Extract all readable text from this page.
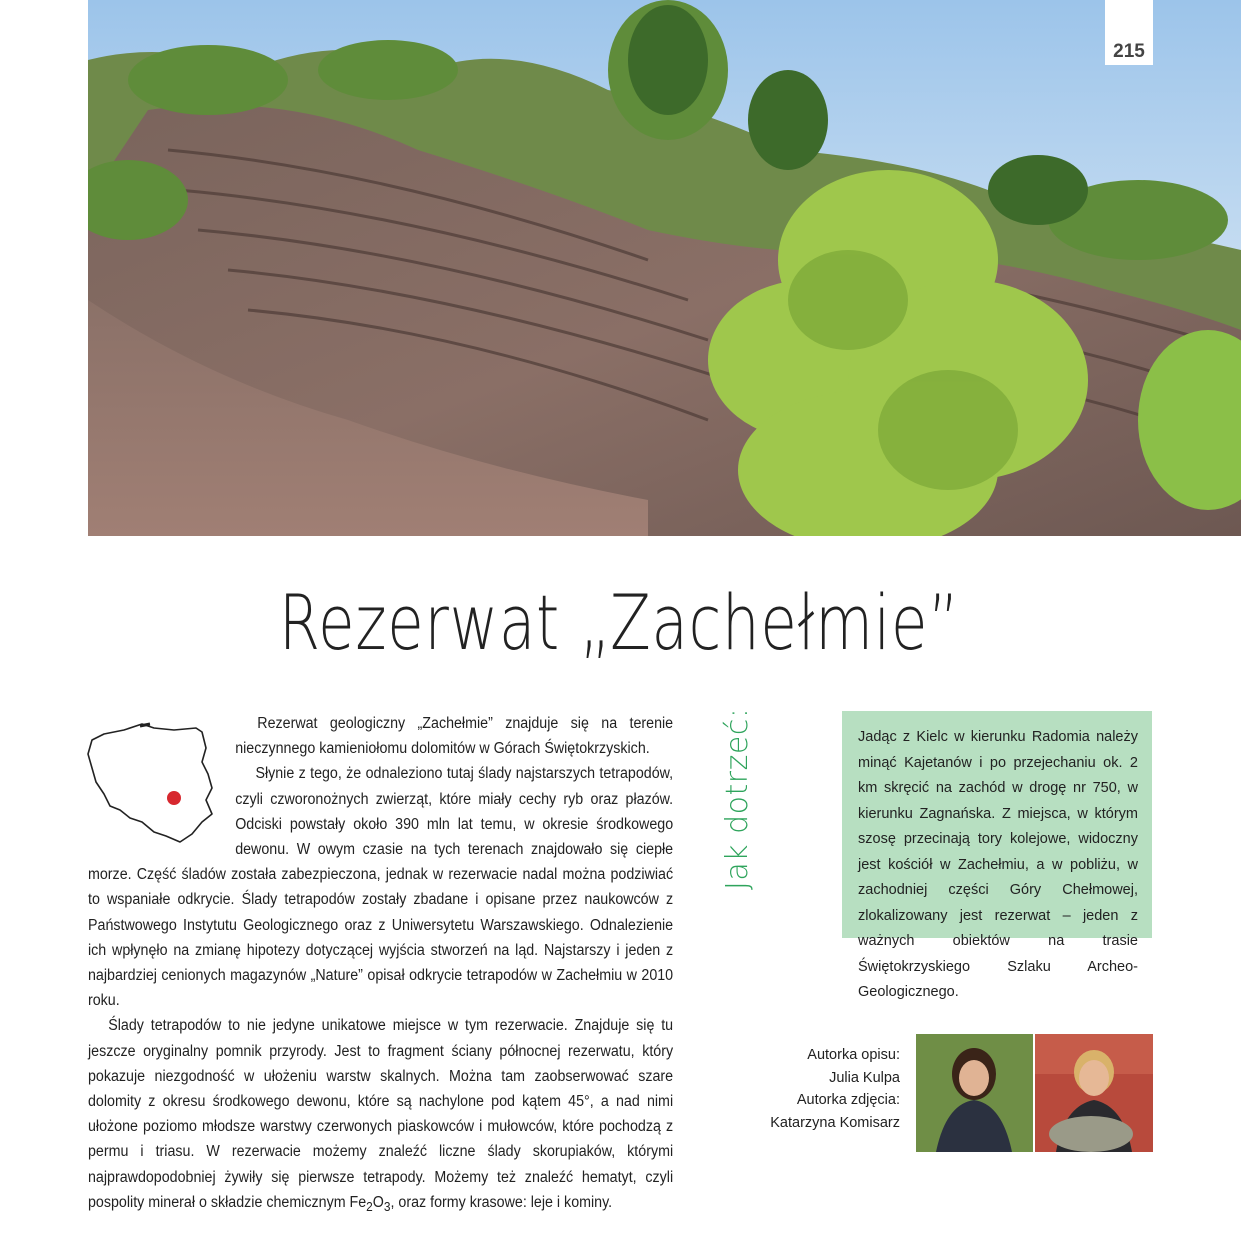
215
Rezerwat „Zachełmie”

Rezerwat geologiczny „Zachełmie” znajduje się na terenie nieczynnego kamieniołomu dolomitów w Górach Świętokrzyskich.

Słynie z tego, że odnaleziono tutaj ślady najstarszych tetrapodów, czyli czworonożnych zwierząt, które miały cechy ryb oraz płazów. Odciski powstały około 390 mln lat temu, w okresie środkowego dewonu. W owym czasie na tych terenach znajdowało się ciepłe morze. Część śladów została zabezpieczona, jednak w rezerwacie nadal można podziwiać to wspaniałe odkrycie. Ślady tetrapodów zostały zbadane i opisane przez naukowców z Państwowego Instytutu Geologicznego oraz z Uniwersytetu Warszawskiego. Odnalezienie ich wpłynęło na zmianę hipotezy dotyczącej wyjścia stworzeń na ląd. Najstarszy i jeden z najbardziej cenionych magazynów „Nature” opisał odkrycie tetrapodów w Zachełmiu w 2010 roku.

Ślady tetrapodów to nie jedyne unikatowe miejsce w tym rezerwacie. Znajduje się tu jeszcze oryginalny pomnik przyrody. Jest to fragment ściany północnej rezerwatu, który pokazuje niezgodność w ułożeniu warstw skalnych. Można tam zaobserwować szare dolomity z okresu środkowego dewonu, które są nachylone pod kątem 45°, a nad nimi ułożone poziomo młodsze warstwy czerwonych piaskowców i mułowców, które pochodzą z permu i triasu. W rezerwacie możemy znaleźć liczne ślady skorupiaków, którymi najprawdopodobniej żywiły się pierwsze tetrapody. Możemy też znaleźć hematyt, czyli pospolity minerał o składzie chemicznym $Fe_2O_3$, oraz formy krasowe: leje i kominy.

Jak dotrzeć:	Jadąc z Kielc w kierunku Radomia należy minąć Kajetanów i po przejechaniu ok. 2 km skręcić na zachód w drogę nr 750, w kierunku Zagnańska. Z miejsca, w którym szosę przecinają tory kolejowe, widoczny jest kościół w Zachełmiu, a w pobliżu, w zachodniej części Góry Chełmowej, zlokalizowany jest rezerwat – jeden z ważnych obiektów na trasie Świętokrzyskiego Szlaku Archeo-Geologicznego.
Autorka opisu:
Julia Kulpa
Autorka zdjęcia:
Katarzyna Komisarz
